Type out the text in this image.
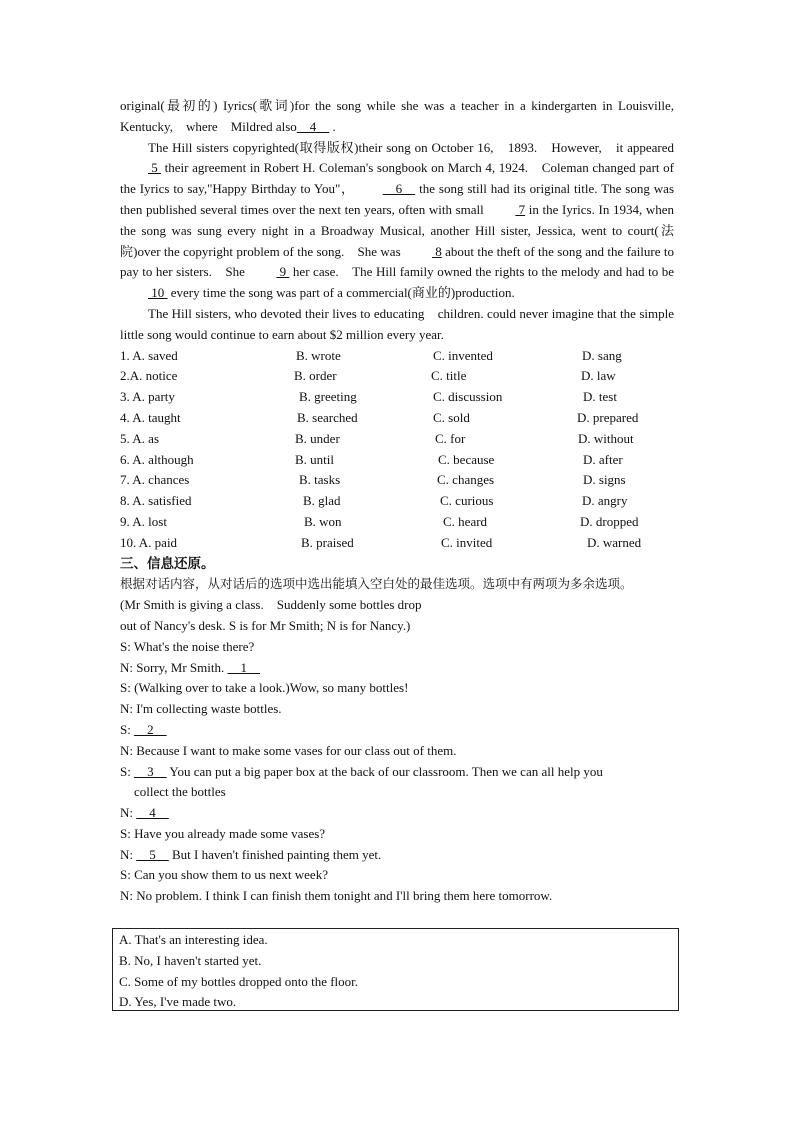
original(最初的) Iyrics(歌词)for the song while she was a teacher in a kindergarten in Louisville, Kentucky,　where　Mildred also　4　 .

The Hill sisters copyrighted(取得版权)their song on October 16,　1893.　However,　it appeared  5  their agreement in Robert H. Coleman's songbook on March 4, 1924.　Coleman changed part of the Iyrics to say,"Happy Birthday to You"，　6　 the song still had its original title. The song was then published several times over the next ten years, often with small  7 in the Iyrics. In 1934, when the song was sung every night in a Broadway Musical, another Hill sister, Jessica, went to court(法院)over the copyright problem of the song.　She was  8 about the theft of the song and the failure to pay to her sisters.　She  9  her case.　The Hill family owned the rights to the melody and had to be  10  every time the song was part of a commercial(商业的)production.

The Hill sisters, who devoted their lives to educating　children. could never imagine that the simple little song would continue to earn about $2 million every year.

1. A. saved	B. wrote	C. invented	D. sang
2.A. notice	B. order	C. title	D. law
3. A. party	B. greeting	C. discussion	D. test
4. A. taught	B. searched	C. sold	D. prepared
5. A. as	B. under	C. for	D. without
6. A. although	B. until	C. because	D. after
7. A. chances	B. tasks	C. changes	D. signs
8. A. satisfied	B. glad	C. curious	D. angry
9. A. lost	B. won	C. heard	D. dropped
10. A. paid	B. praised	C. invited	D. warned

三、信息还原。

根据对话内容，从对话后的选项中选出能填入空白处的最佳选项。选项中有两项为多余选项。

(Mr Smith is giving a class.　Suddenly some bottles drop

out of Nancy's desk. S is for Mr Smith; N is for Nancy.)

S: What's the noise there?

N: Sorry, Mr Smith. 　1　

S: (Walking over to take a look.)Wow, so many bottles!

N: I'm collecting waste bottles.

S: 　2　

N: Because I want to make some vases for our class out of them.

S: 　3　 You can put a big paper box at the back of our classroom. Then we can all help you

collect the bottles

N: 　4　

S: Have you already made some vases?

N: 　5　 But I haven't finished painting them yet.

S: Can you show them to us next week?

N: No problem. I think I can finish them tonight and I'll bring them here tomorrow.

A. That's an interesting idea.

B. No, I haven't started yet.

C. Some of my bottles dropped onto the floor.

D. Yes, I've made two.
